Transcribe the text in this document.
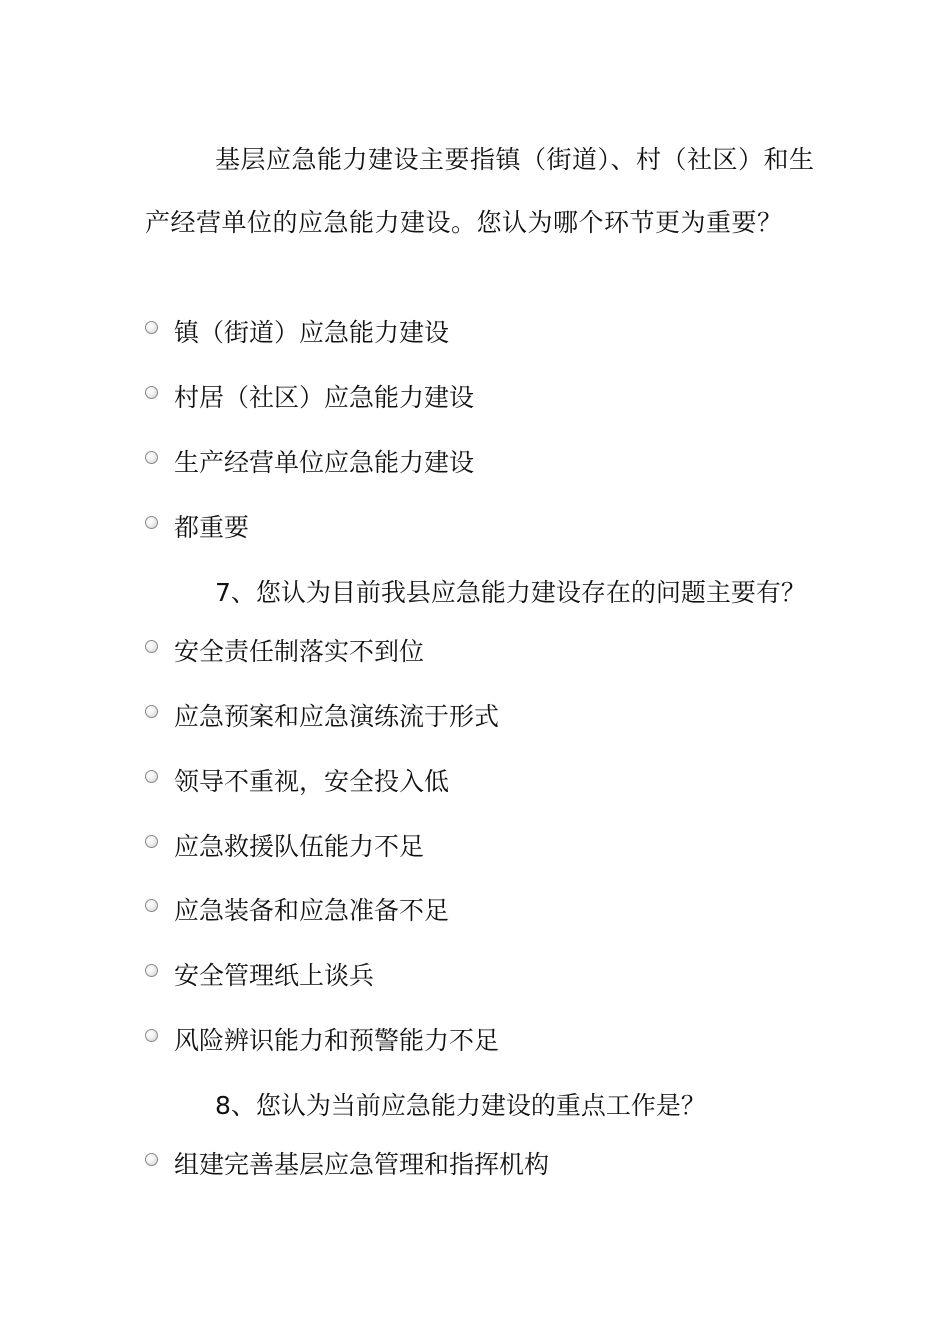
基层应急能力建设主要指镇（街道）、村（社区）和生产经营单位的应急能力建设。您认为哪个环节更为重要？

镇（街道）应急能力建设
村居（社区）应急能力建设
生产经营单位应急能力建设
都重要

7、您认为目前我县应急能力建设存在的问题主要有？

安全责任制落实不到位
应急预案和应急演练流于形式
领导不重视，安全投入低
应急救援队伍能力不足
应急装备和应急准备不足
安全管理纸上谈兵
风险辨识能力和预警能力不足

8、您认为当前应急能力建设的重点工作是？

组建完善基层应急管理和指挥机构
